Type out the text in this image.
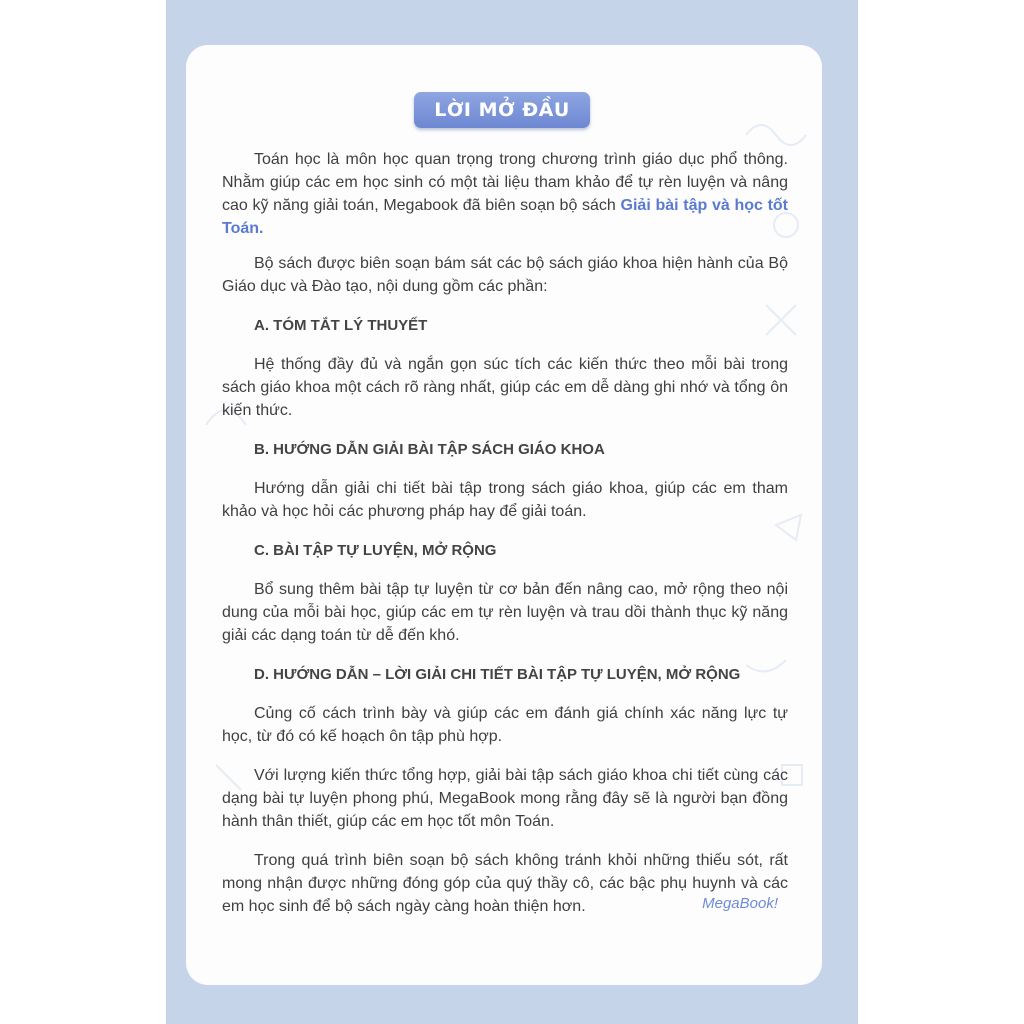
LỜI MỞ ĐẦU

Toán học là môn học quan trọng trong chương trình giáo dục phổ thông. Nhằm giúp các em học sinh có một tài liệu tham khảo để tự rèn luyện và nâng cao kỹ năng giải toán, Megabook đã biên soạn bộ sách Giải bài tập và học tốt Toán.

Bộ sách được biên soạn bám sát các bộ sách giáo khoa hiện hành của Bộ Giáo dục và Đào tạo, nội dung gồm các phần:

A. TÓM TẮT LÝ THUYẾT

Hệ thống đầy đủ và ngắn gọn súc tích các kiến thức theo mỗi bài trong sách giáo khoa một cách rõ ràng nhất, giúp các em dễ dàng ghi nhớ và tổng ôn kiến thức.

B. HƯỚNG DẪN GIẢI BÀI TẬP SÁCH GIÁO KHOA

Hướng dẫn giải chi tiết bài tập trong sách giáo khoa, giúp các em tham khảo và học hỏi các phương pháp hay để giải toán.

C. BÀI TẬP TỰ LUYỆN, MỞ RỘNG

Bổ sung thêm bài tập tự luyện từ cơ bản đến nâng cao, mở rộng theo nội dung của mỗi bài học, giúp các em tự rèn luyện và trau dồi thành thục kỹ năng giải các dạng toán từ dễ đến khó.

D. HƯỚNG DẪN – LỜI GIẢI CHI TIẾT BÀI TẬP TỰ LUYỆN, MỞ RỘNG

Củng cố cách trình bày và giúp các em đánh giá chính xác năng lực tự học, từ đó có kế hoạch ôn tập phù hợp.

Với lượng kiến thức tổng hợp, giải bài tập sách giáo khoa chi tiết cùng các dạng bài tự luyện phong phú, MegaBook mong rằng đây sẽ là người bạn đồng hành thân thiết, giúp các em học tốt môn Toán.

Trong quá trình biên soạn bộ sách không tránh khỏi những thiếu sót, rất mong nhận được những đóng góp của quý thầy cô, các bậc phụ huynh và các em học sinh để bộ sách ngày càng hoàn thiện hơn.	MegaBook!
